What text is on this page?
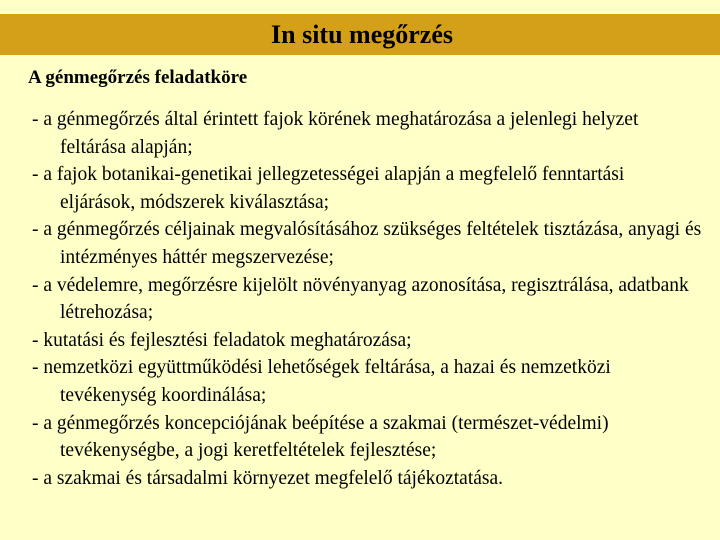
In situ megőrzés
A génmegőrzés feladatköre
- a génmegőrzés által érintett fajok körének meghatározása a jelenlegi helyzet feltárása alapján;
- a fajok botanikai-genetikai jellegzetességei alapján a megfelelő fenntartási eljárások, módszerek kiválasztása;
- a génmegőrzés céljainak megvalósításához szükséges feltételek tisztázása, anyagi és intézményes háttér megszervezése;
- a védelemre, megőrzésre kijelölt növényanyag azonosítása, regisztrálása, adatbank létrehozása;
- kutatási és fejlesztési feladatok meghatározása;
- nemzetközi együttműködési lehetőségek feltárása, a hazai és nemzetközi tevékenység koordinálása;
- a génmegőrzés koncepciójának beépítése a szakmai (természet-védelmi) tevékenységbe, a jogi keretfeltételek fejlesztése;
- a szakmai és társadalmi környezet megfelelő tájékoztatása.
